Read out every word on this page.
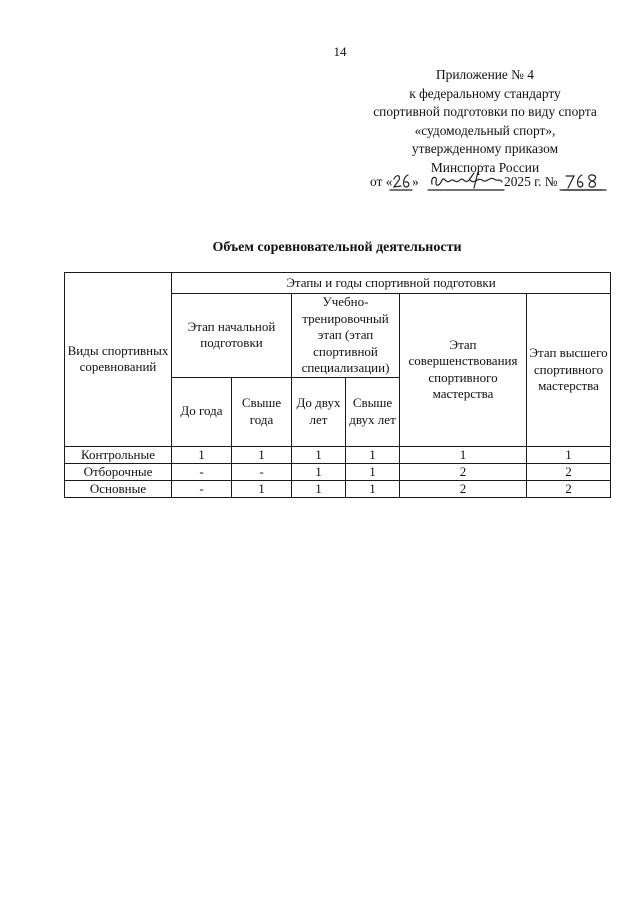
14
Приложение № 4
к федеральному стандарту
спортивной подготовки по виду спорта
«судомодельный спорт»,
утвержденному приказом
Минспорта России
от « »	2025 г. №
Объем соревновательной деятельности
Виды спортивных соревнований	Этапы и годы спортивной подготовки					
	Этап начальной подготовки		Учебно-тренировочный этап (этап спортивной специализации)		Этап совершенствования спортивного мастерства	Этап высшего спортивного мастерства
	До года	Свыше года	До двух лет	Свыше двух лет		
Контрольные	1	1	1	1	1	1
Отборочные	-	-	1	1	2	2
Основные	-	1	1	1	2	2
